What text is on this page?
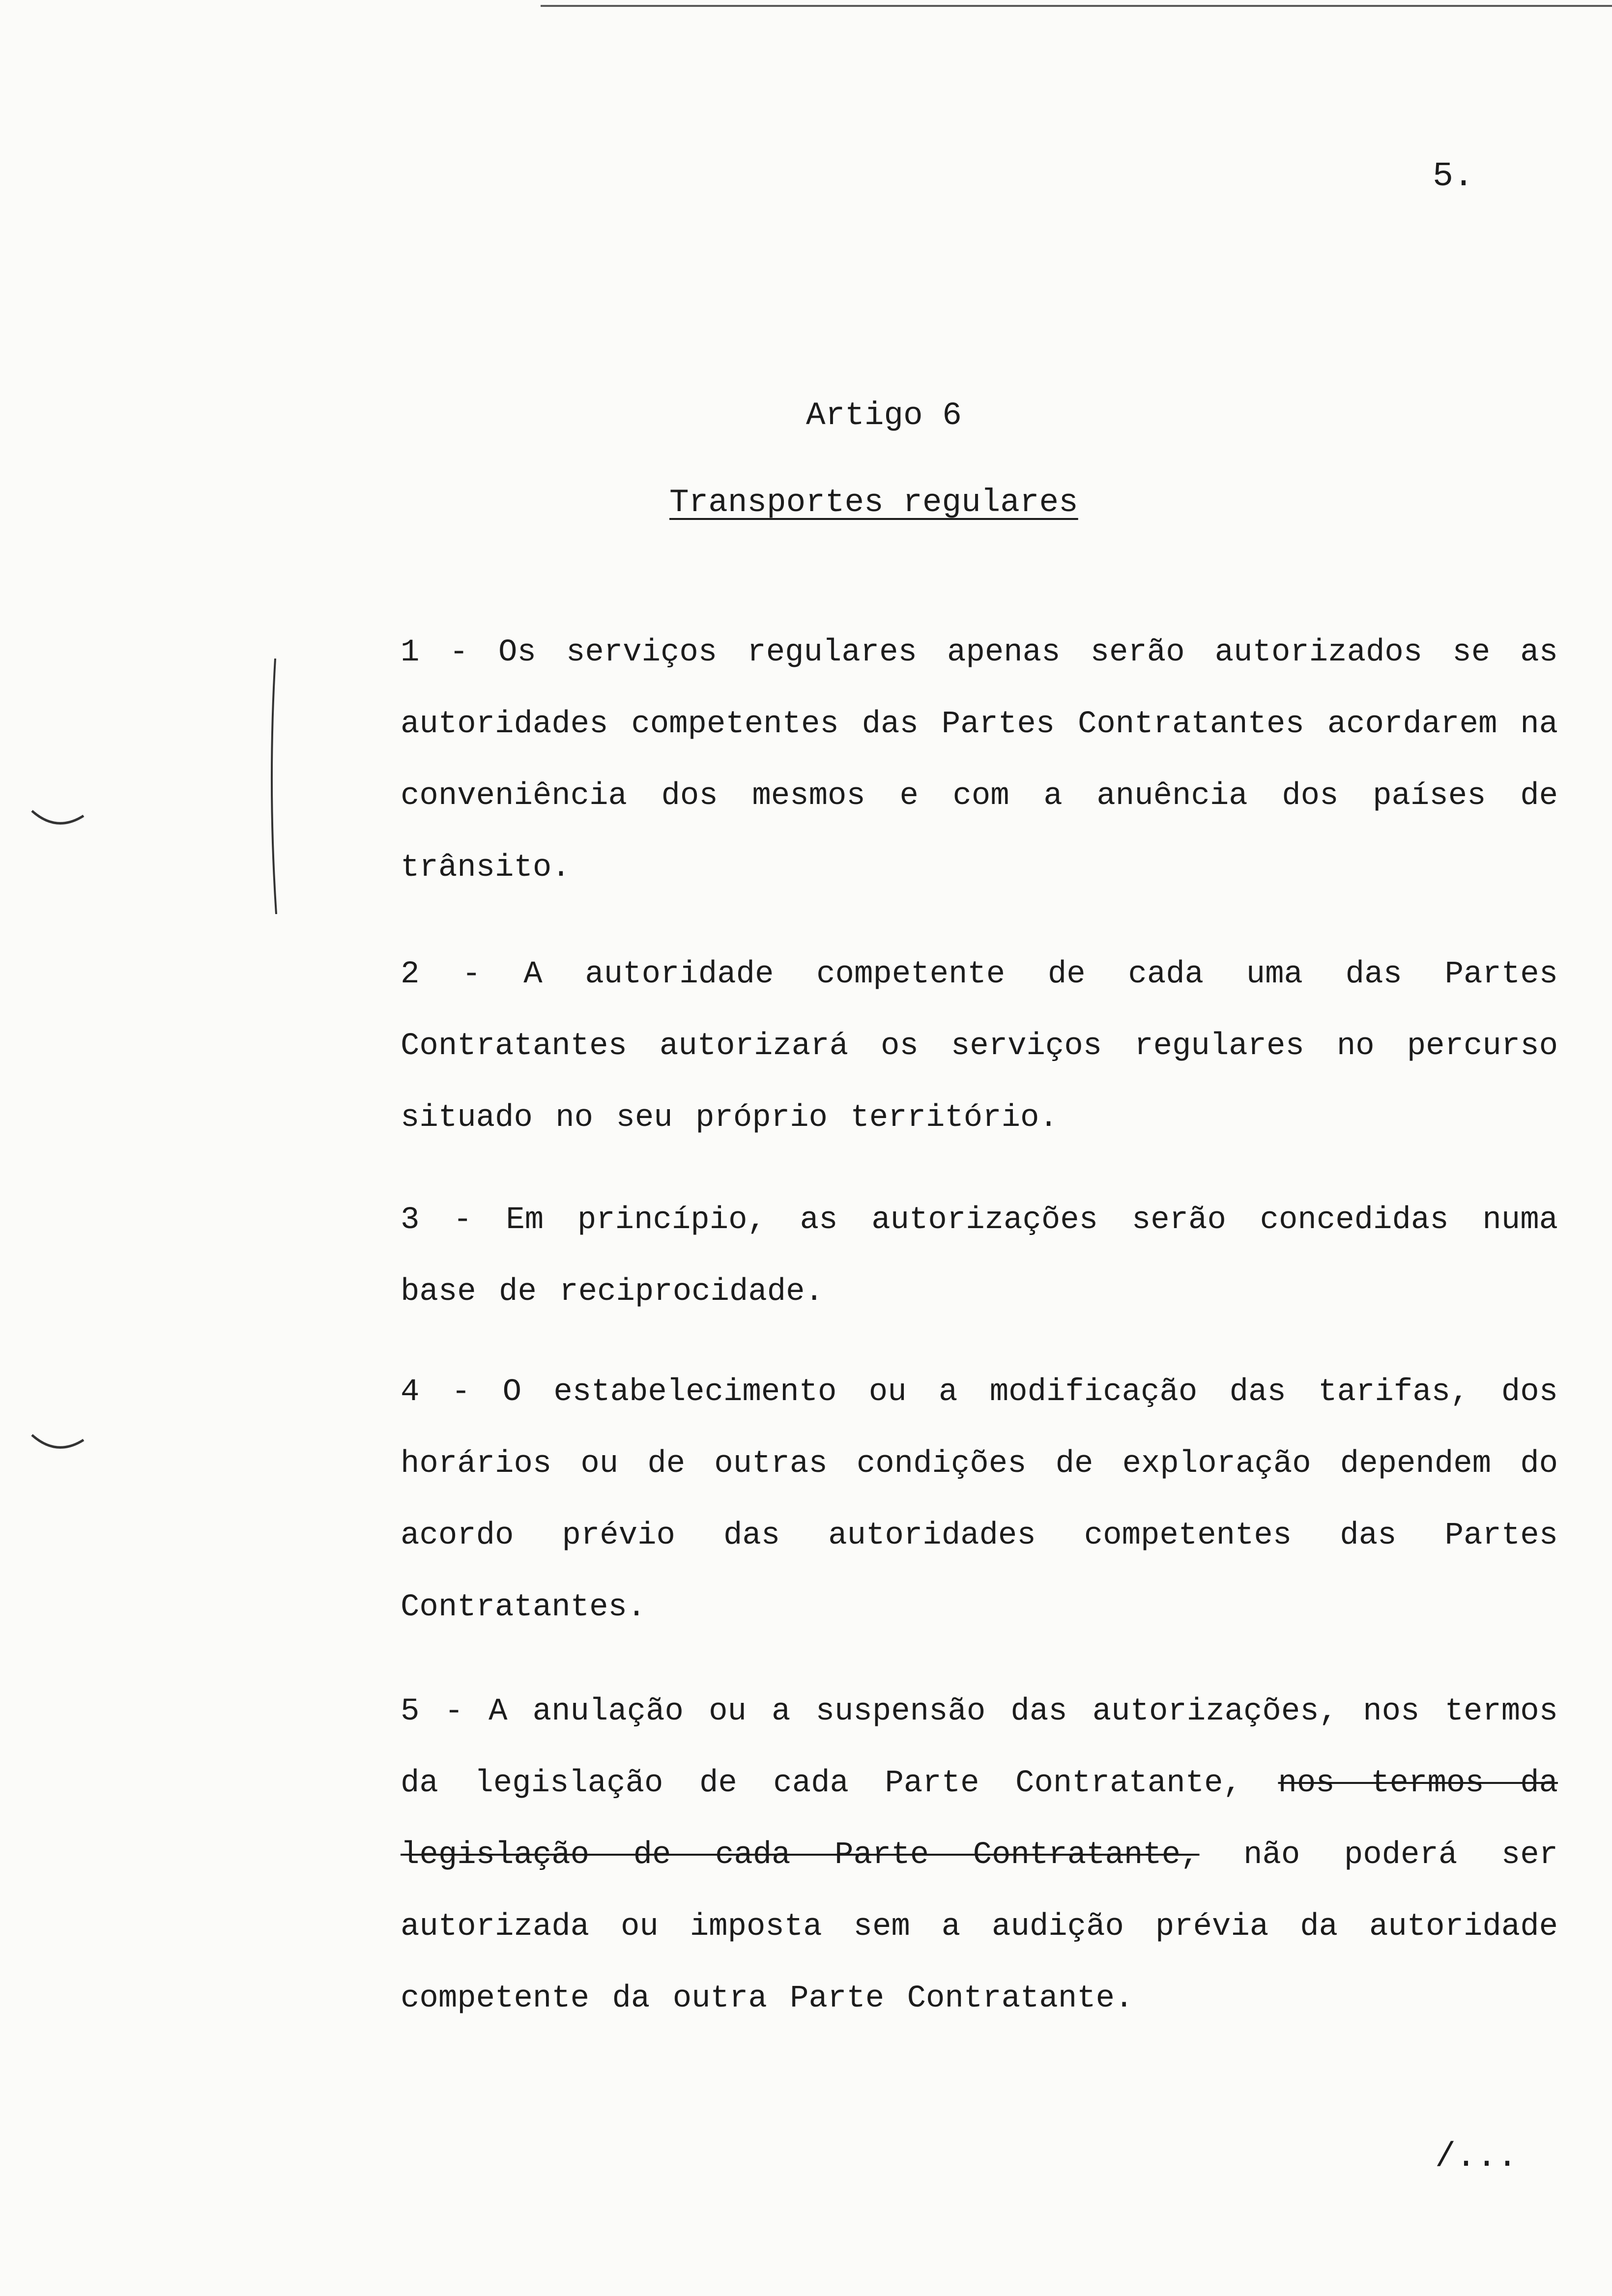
5.
Artigo 6
Transportes regulares

1 - Os serviços regulares apenas serão autorizados se as autoridades competentes das Partes Contratantes acordarem na conveniência dos mesmos e com a anuência dos países de trânsito.

2 - A autoridade competente de cada uma das Partes Contratantes autorizará os serviços regulares no percurso situado no seu próprio território.

3 - Em princípio, as autorizações serão concedidas numa base de reciprocidade.

4 - O estabelecimento ou a modificação das tarifas, dos horários ou de outras condições de exploração dependem do acordo prévio das autoridades competentes das Partes Contratantes.

5 - A anulação ou a suspensão das autorizações, nos termos da legislação de cada Parte Contratante, nos termos da legislação de cada Parte Contratante, não poderá ser autorizada ou imposta sem a audição prévia da autoridade competente da outra Parte Contratante.

/...
